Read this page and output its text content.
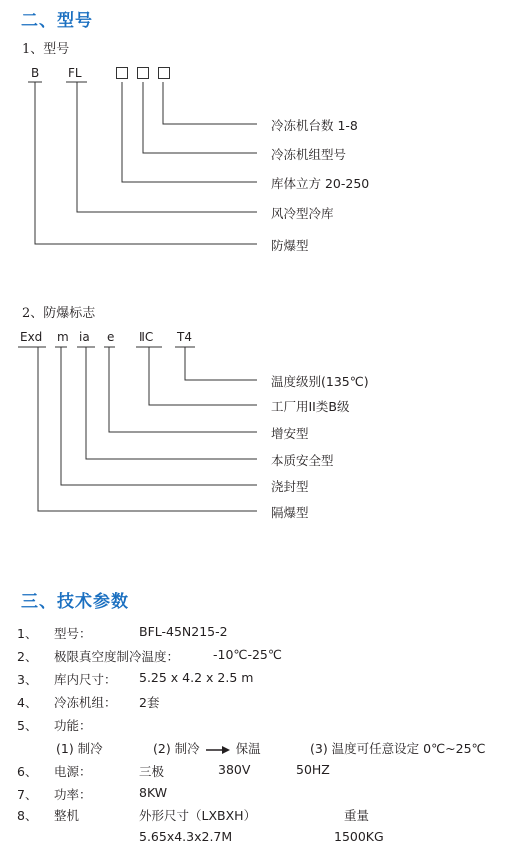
二、型号
1、型号
B FL
冷冻机台数 1-8
冷冻机组型号
库体立方 20-250
风冷型冷库
防爆型
2、防爆标志
Exd m ia e ⅡC T4
温度级别(135℃)
工厂用II类B级
增安型
本质安全型
浇封型
隔爆型
三、技术参数
1、 型号：	BFL-45N215-2
2、 极限真空度制冷温度：	-10℃-25℃
3、 库内尺寸： 5.25 x 4.2 x 2.5 m
4、 冷冻机组： 2套
5、 功能：
(1) 制冷	(2) 制冷	保温	(3) 温度可任意设定 0℃~25℃
6、 电源：	三极	380V	50HZ
7、 功率：	8KW
8、 整机	外形尺寸（LXBXH）	重量
5.65x4.3x2.7M	1500KG
